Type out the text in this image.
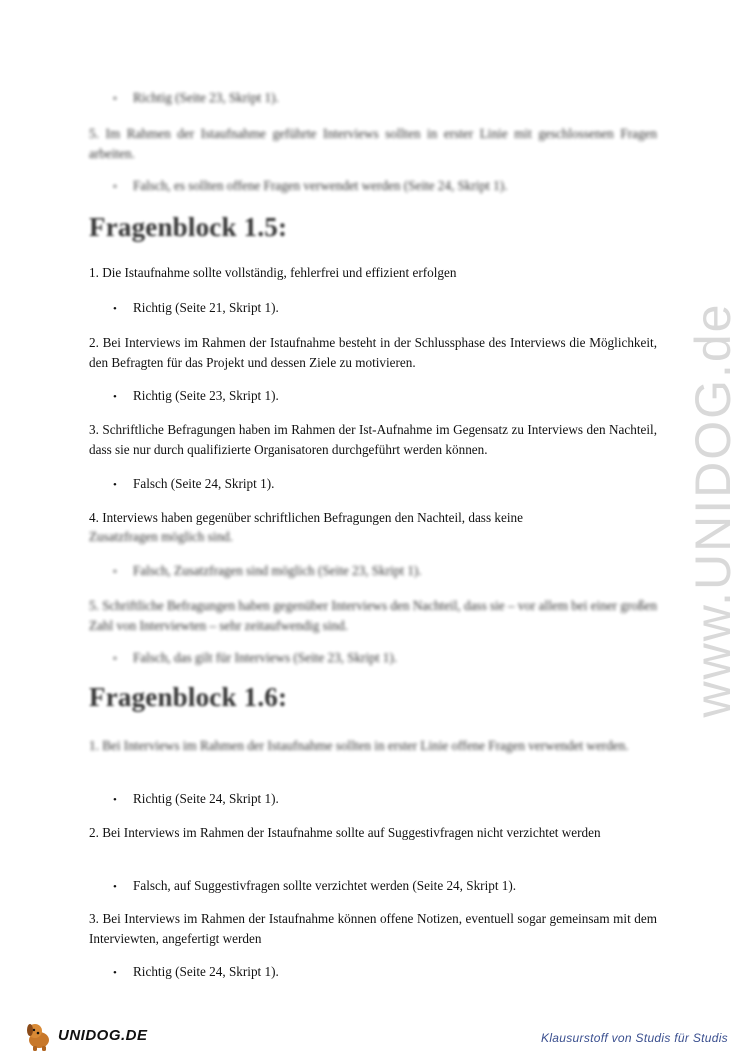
www.UNIDOG.de

• Richtig (Seite 23, Skript 1).

5. Im Rahmen der Istaufnahme geführte Interviews sollten in erster Linie mit geschlossenen Fragen arbeiten.

• Falsch, es sollten offene Fragen verwendet werden (Seite 24, Skript 1).

Fragenblock 1.5:

1. Die Istaufnahme sollte vollständig, fehlerfrei und effizient erfolgen

• Richtig (Seite 21, Skript 1).

2. Bei Interviews im Rahmen der Istaufnahme besteht in der Schlussphase des Interviews die Möglichkeit, den Befragten für das Projekt und dessen Ziele zu motivieren.

• Richtig (Seite 23, Skript 1).

3. Schriftliche Befragungen haben im Rahmen der Ist-Aufnahme im Gegensatz zu Interviews den Nachteil, dass sie nur durch qualifizierte Organisatoren durchgeführt werden können.

• Falsch (Seite 24, Skript 1).

4. Interviews haben gegenüber schriftlichen Befragungen den Nachteil, dass keine

Zusatzfragen möglich sind.

• Falsch, Zusatzfragen sind möglich (Seite 23, Skript 1).

5. Schriftliche Befragungen haben gegenüber Interviews den Nachteil, dass sie – vor allem bei einer großen Zahl von Interviewten – sehr zeitaufwendig sind.

• Falsch, das gilt für Interviews (Seite 23, Skript 1).

Fragenblock 1.6:

1. Bei Interviews im Rahmen der Istaufnahme sollten in erster Linie offene Fragen verwendet werden.

• Richtig (Seite 24, Skript 1).

2. Bei Interviews im Rahmen der Istaufnahme sollte auf Suggestivfragen nicht verzichtet werden

• Falsch, auf Suggestivfragen sollte verzichtet werden (Seite 24, Skript 1).

3. Bei Interviews im Rahmen der Istaufnahme können offene Notizen, eventuell sogar gemeinsam mit dem Interviewten, angefertigt werden

• Richtig (Seite 24, Skript 1).

UNIDOG.DE	Klausurstoff von Studis für Studis
